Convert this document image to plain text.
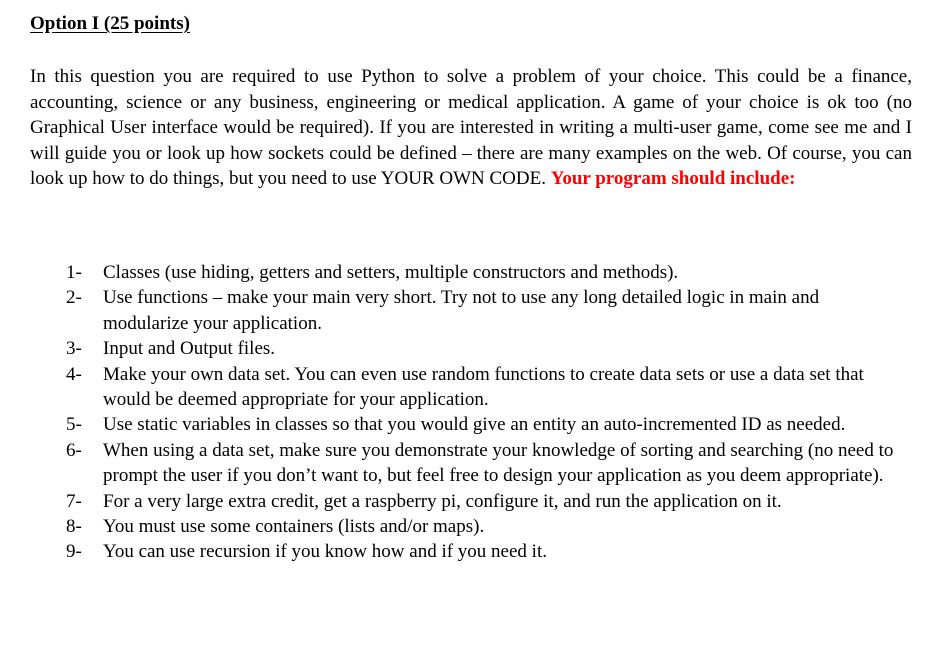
Option I (25 points)

In this question you are required to use Python to solve a problem of your choice. This could be a finance, accounting, science or any business, engineering or medical application. A game of your choice is ok too (no Graphical User interface would be required). If you are interested in writing a multi-user game, come see me and I will guide you or look up how sockets could be defined – there are many examples on the web. Of course, you can look up how to do things, but you need to use YOUR OWN CODE. Your program should include:

1- Classes (use hiding, getters and setters, multiple constructors and methods).
2- Use functions – make your main very short. Try not to use any long detailed logic in main and modularize your application.
3- Input and Output files.
4- Make your own data set. You can even use random functions to create data sets or use a data set that would be deemed appropriate for your application.
5- Use static variables in classes so that you would give an entity an auto-incremented ID as needed.
6- When using a data set, make sure you demonstrate your knowledge of sorting and searching (no need to prompt the user if you don’t want to, but feel free to design your application as you deem appropriate).
7- For a very large extra credit, get a raspberry pi, configure it, and run the application on it.
8- You must use some containers (lists and/or maps).
9- You can use recursion if you know how and if you need it.
